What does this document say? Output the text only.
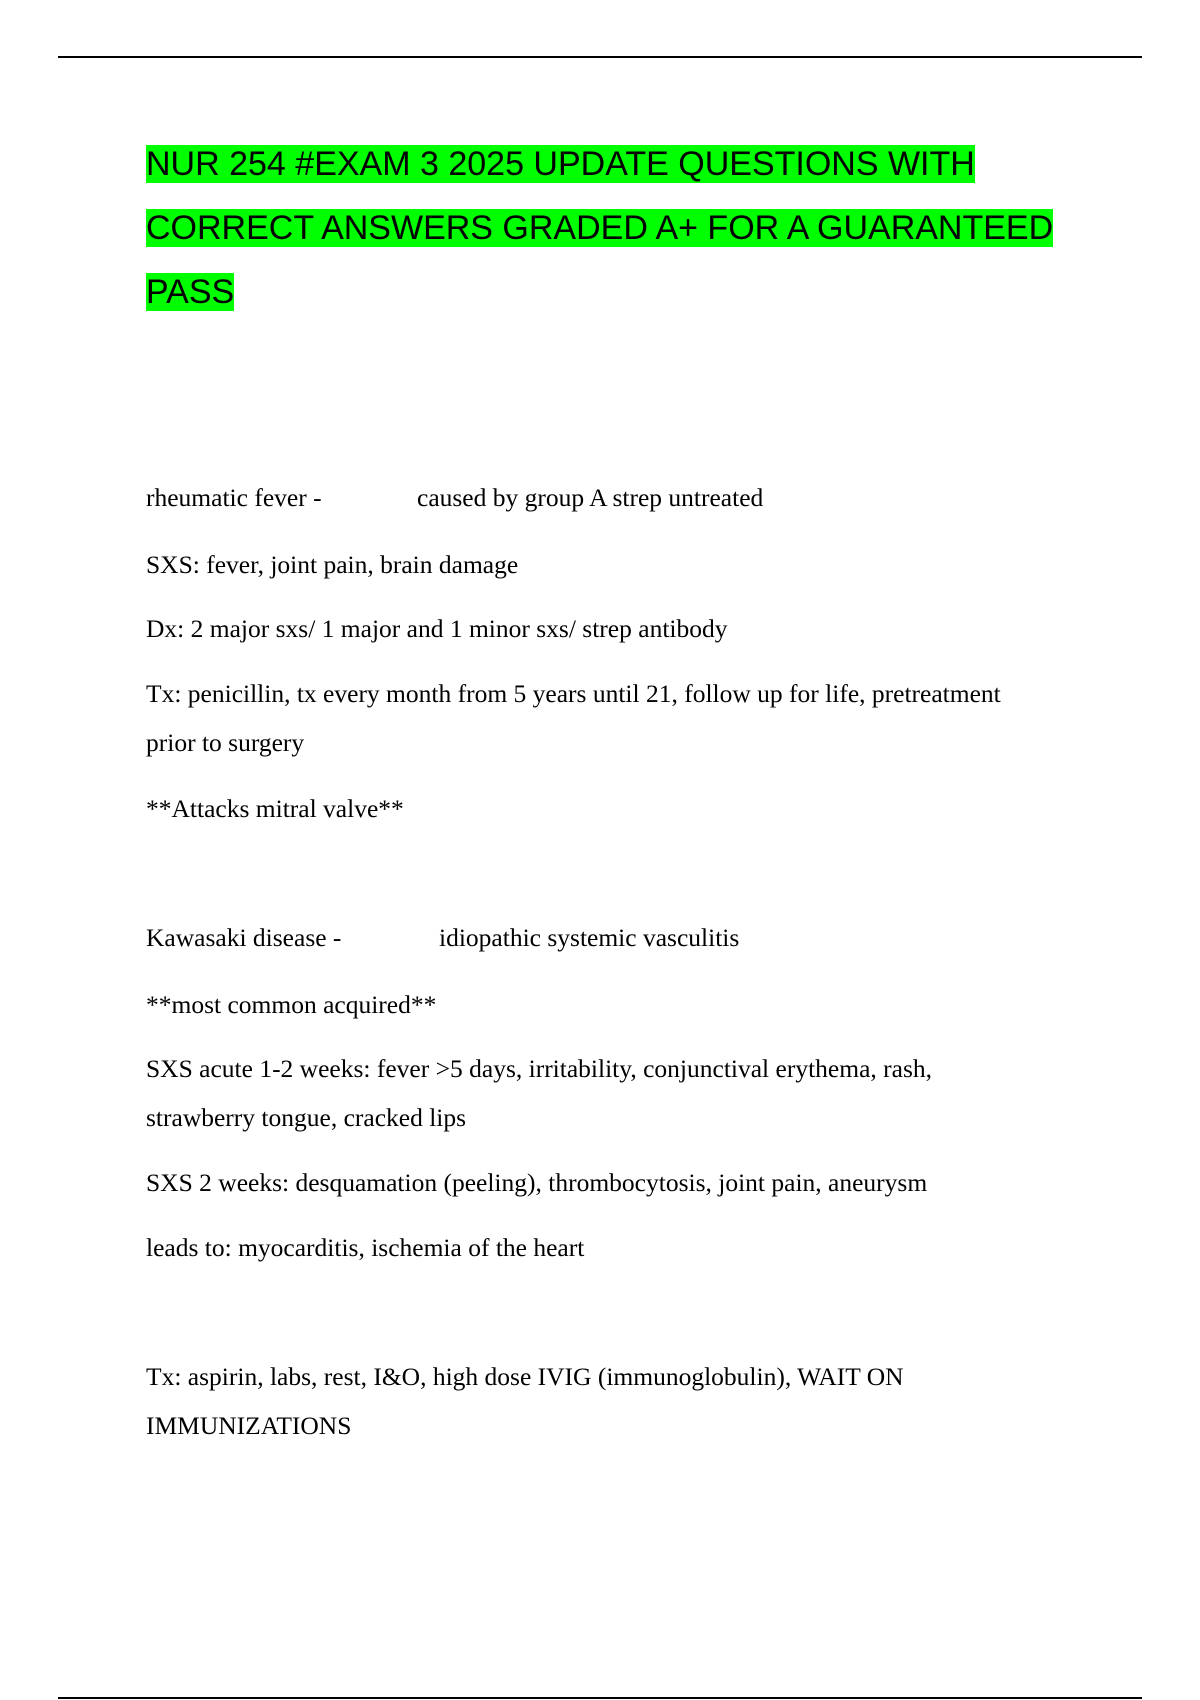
NUR 254 #EXAM 3 2025 UPDATE QUESTIONS WITH CORRECT ANSWERS GRADED A+ FOR A GUARANTEED PASS

rheumatic fever -	caused by group A strep untreated

SXS: fever, joint pain, brain damage

Dx: 2 major sxs/ 1 major and 1 minor sxs/ strep antibody

Tx: penicillin, tx every month from 5 years until 21, follow up for life, pretreatment prior to surgery

**Attacks mitral valve**

Kawasaki disease -	idiopathic systemic vasculitis

**most common acquired**

SXS acute 1-2 weeks: fever >5 days, irritability, conjunctival erythema, rash, strawberry tongue, cracked lips

SXS 2 weeks: desquamation (peeling), thrombocytosis, joint pain, aneurysm

leads to: myocarditis, ischemia of the heart

Tx: aspirin, labs, rest, I&O, high dose IVIG (immunoglobulin), WAIT ON IMMUNIZATIONS
